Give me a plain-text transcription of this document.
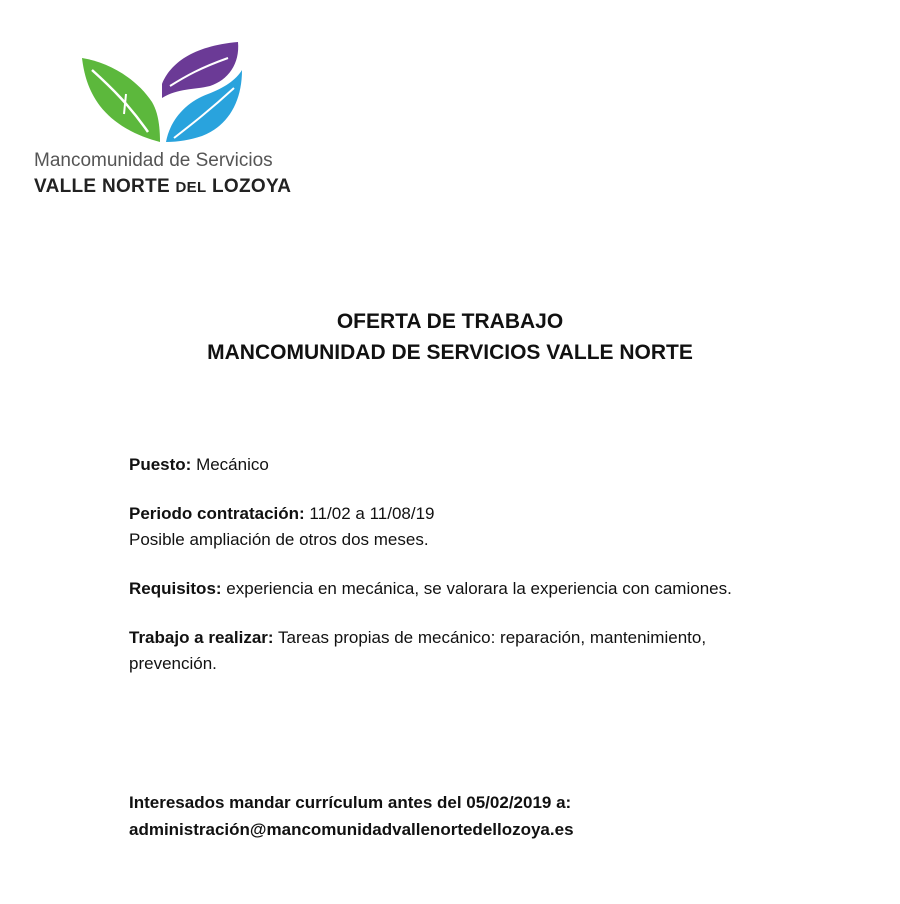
Mancomunidad de Servicios
VALLE NORTE DEL LOZOYA
OFERTA DE TRABAJO
MANCOMUNIDAD DE SERVICIOS VALLE NORTE

Puesto: Mecánico

Periodo contratación: 11/02 a 11/08/19
Posible ampliación de otros dos meses.

Requisitos: experiencia en mecánica, se valorara la experiencia con camiones.

Trabajo a realizar: Tareas propias de mecánico: reparación, mantenimiento, prevención.

Interesados mandar currículum antes del 05/02/2019 a:
administración@mancomunidadvallenortedellozoya.es
